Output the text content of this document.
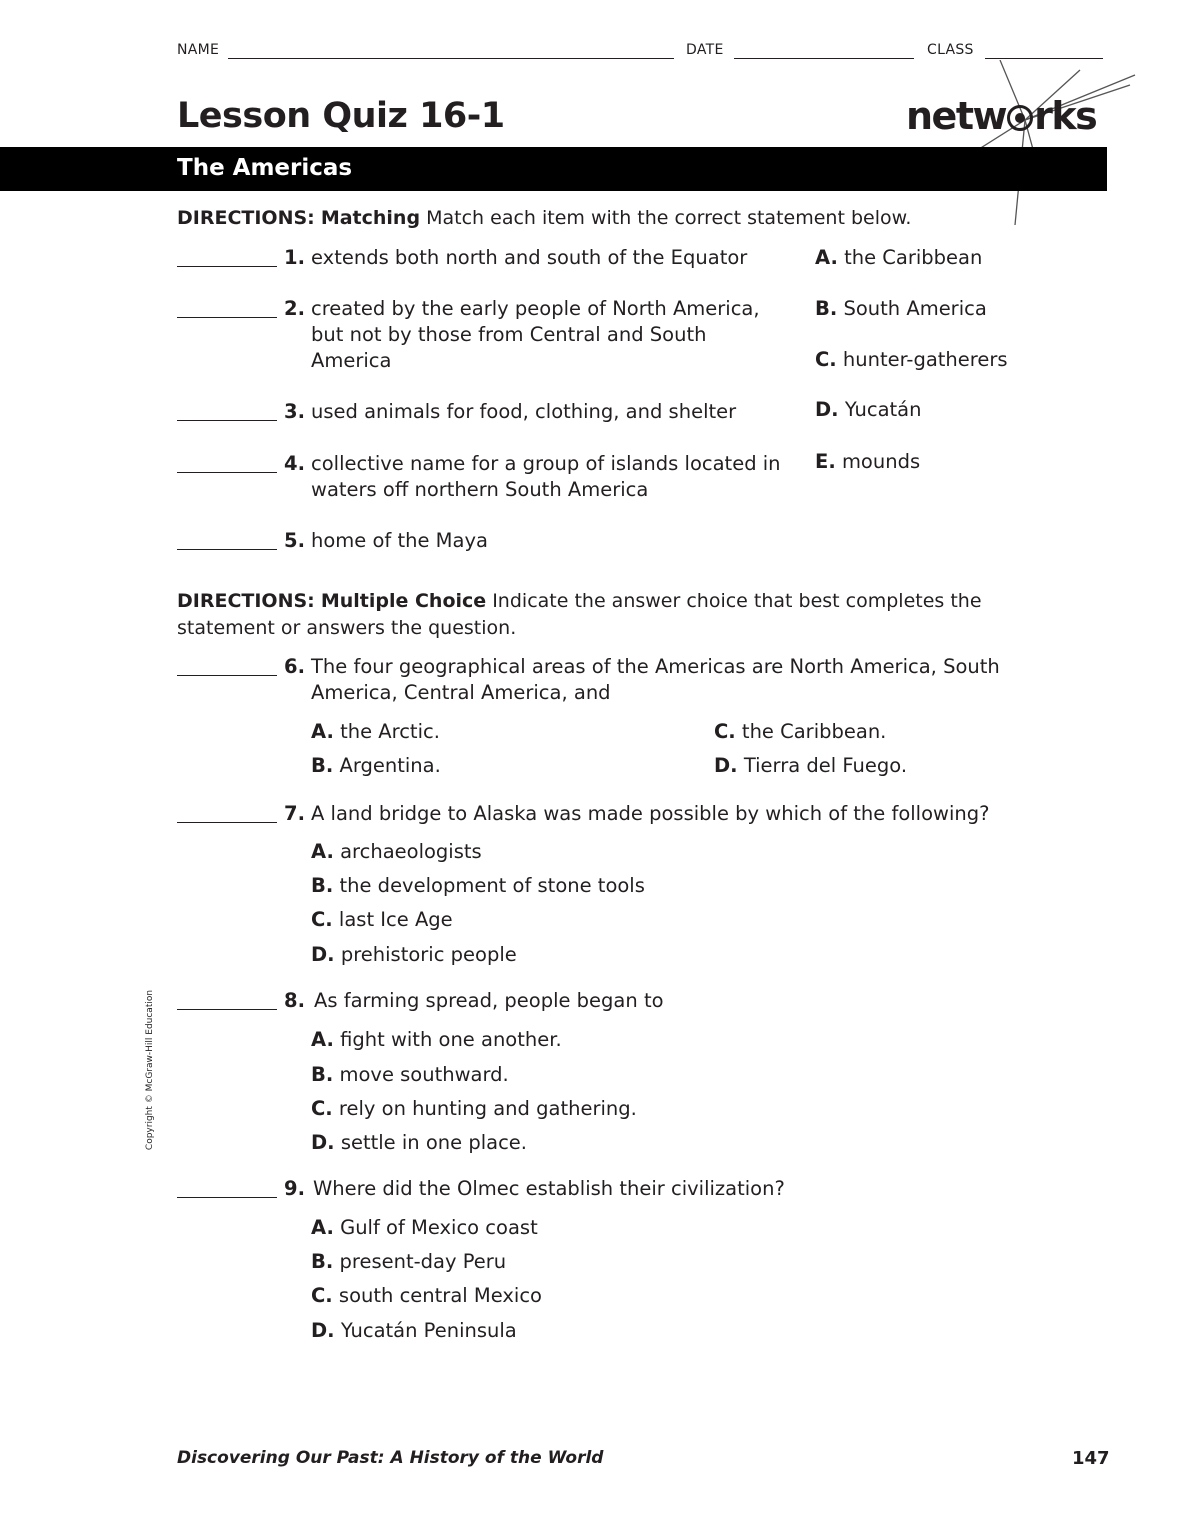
NAME	DATE	CLASS
Lesson Quiz 16-1	netw rks
The Americas
DIRECTIONS: Matching Match each item with the correct statement below.
1. extends both north and south of the Equator
2. created by the early people of North America, but not by those from Central and South America
3. used animals for food, clothing, and shelter
4. collective name for a group of islands located in waters off northern South America
5. home of the Maya
A. the Caribbean
B. South America
C. hunter-gatherers
D. Yucatán
E. mounds
DIRECTIONS: Multiple Choice Indicate the answer choice that best completes the statement or answers the question.
6. The four geographical areas of the Americas are North America, South America, Central America, and
A. the Arctic.
B. Argentina.
C. the Caribbean.
D. Tierra del Fuego.
7. A land bridge to Alaska was made possible by which of the following?
A. archaeologists
B. the development of stone tools
C. last Ice Age
D. prehistoric people
8. As farming spread, people began to
A. fight with one another.
B. move southward.
C. rely on hunting and gathering.
D. settle in one place.
9. Where did the Olmec establish their civilization?
A. Gulf of Mexico coast
B. present-day Peru
C. south central Mexico
D. Yucatán Peninsula
Copyright © McGraw-Hill Education
Discovering Our Past: A History of the World	147
